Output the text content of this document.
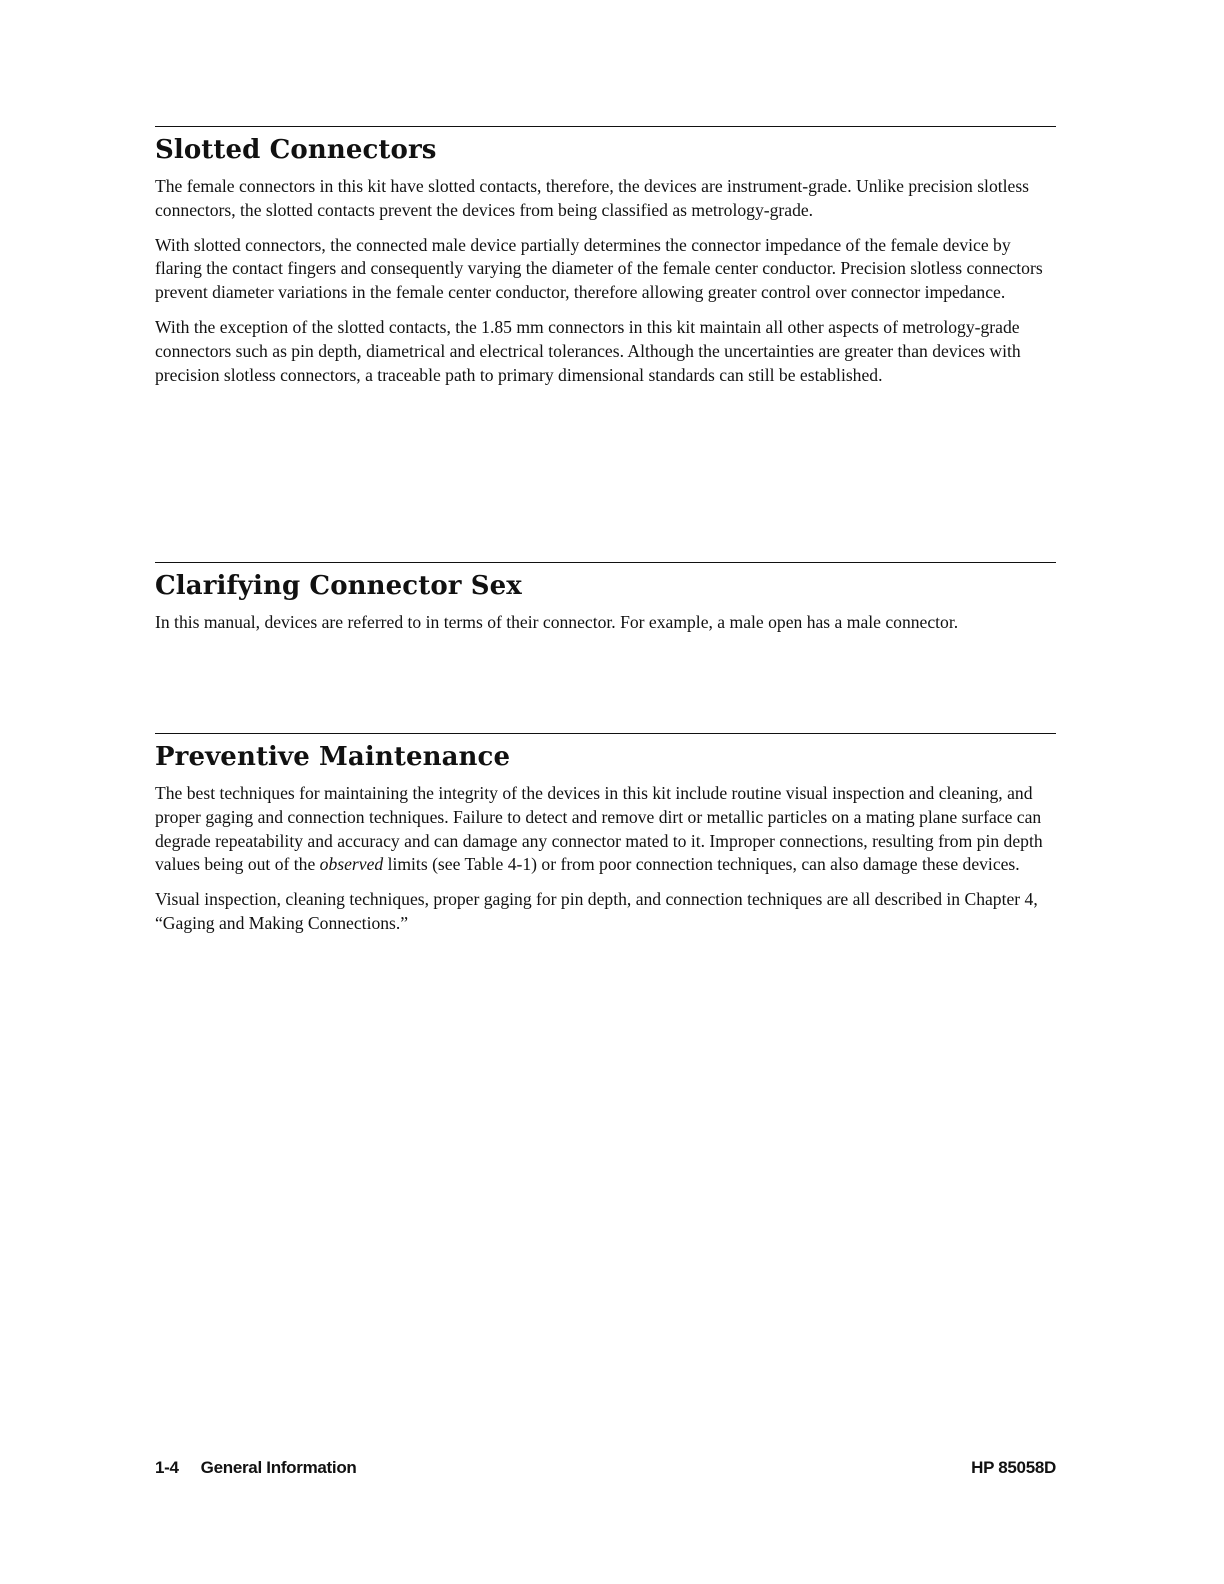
Slotted Connectors

The female connectors in this kit have slotted contacts, therefore, the devices are instrument-grade. Unlike precision slotless connectors, the slotted contacts prevent the devices from being classified as metrology-grade.

With slotted connectors, the connected male device partially determines the connector impedance of the female device by flaring the contact fingers and consequently varying the diameter of the female center conductor. Precision slotless connectors prevent diameter variations in the female center conductor, therefore allowing greater control over connector impedance.

With the exception of the slotted contacts, the 1.85 mm connectors in this kit maintain all other aspects of metrology-grade connectors such as pin depth, diametrical and electrical tolerances. Although the uncertainties are greater than devices with precision slotless connectors, a traceable path to primary dimensional standards can still be established.

Clarifying Connector Sex

In this manual, devices are referred to in terms of their connector. For example, a male open has a male connector.

Preventive Maintenance

The best techniques for maintaining the integrity of the devices in this kit include routine visual inspection and cleaning, and proper gaging and connection techniques. Failure to detect and remove dirt or metallic particles on a mating plane surface can degrade repeatability and accuracy and can damage any connector mated to it. Improper connections, resulting from pin depth values being out of the observed limits (see Table 4-1) or from poor connection techniques, can also damage these devices.

Visual inspection, cleaning techniques, proper gaging for pin depth, and connection techniques are all described in Chapter 4, “Gaging and Making Connections.”

1-4 General Information	HP 85058D
